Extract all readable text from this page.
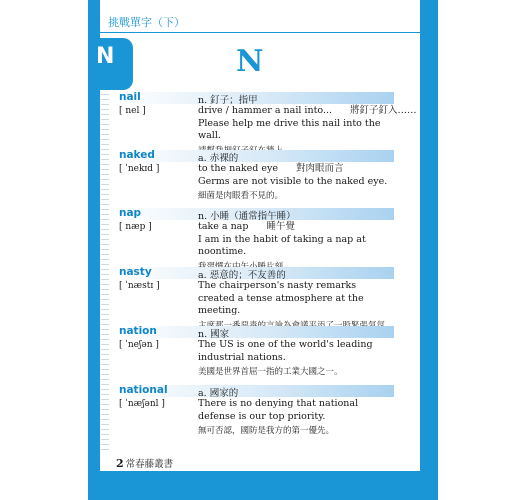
挑戰單字（下）
N	N
nail	n. 釘子；指甲
[ nel ]	drive / hammer a nail into... 將釘子釘入……
Please help me drive this nail into the wall.
naked	a. 赤裸的
[ ˈnekɪd ]	to the naked eye 對肉眼而言
Germs are not visible to the naked eye.
細菌是肉眼看不見的。
nap	n. 小睡（通常指午睡）
[ næp ]	take a nap 睡午覺
I am in the habit of taking a nap at noontime.
nasty	a. 惡意的；不友善的
[ ˈnæstɪ ]	The chairperson's nasty remarks created a tense atmosphere at the meeting.
nation	n. 國家
[ ˈneʃən ]	The US is one of the world's leading industrial nations.
美國是世界首屈一指的工業大國之一。
national	a. 國家的
[ ˈnæʃənl ]	There is no denying that national defense is our top priority.
無可否認，國防是我方的第一優先。
2 常春藤叢書
